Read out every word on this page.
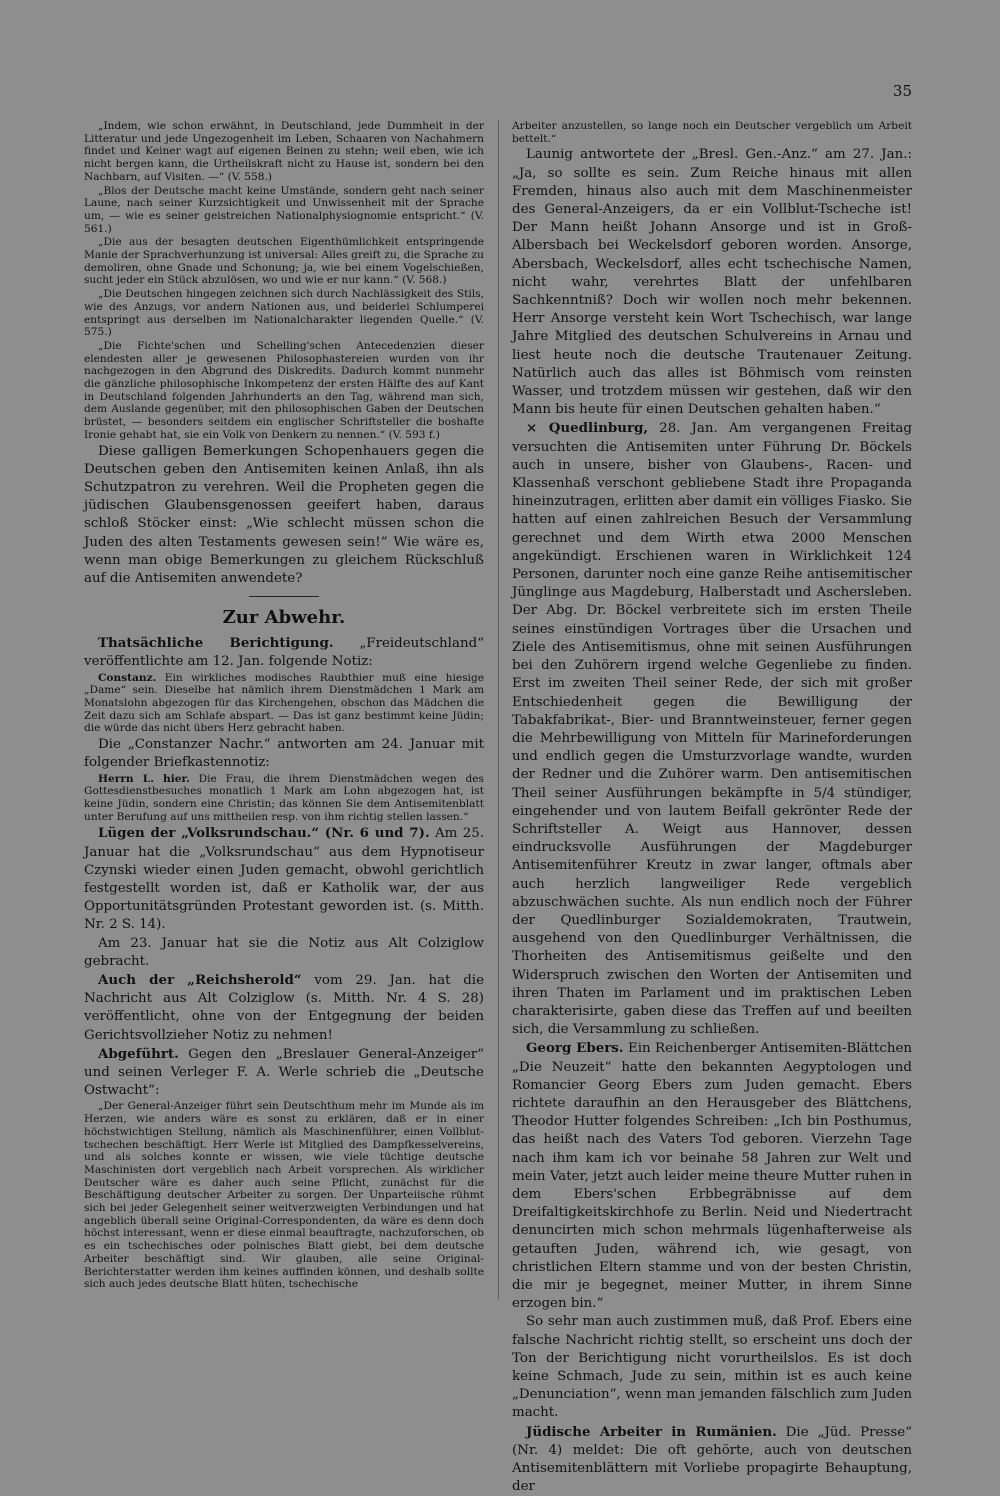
35

„Indem, wie schon erwähnt, in Deutschland, jede Dummheit in der Litteratur und jede Ungezogenheit im Leben, Schaaren von Nachahmern findet und Keiner wagt auf eigenen Beinen zu stehn; weil eben, wie ich nicht bergen kann, die Urtheilskraft nicht zu Hause ist, sondern bei den Nachbarn, auf Visiten. —“ (V. 558.)

„Blos der Deutsche macht keine Umstände, sondern geht nach seiner Laune, nach seiner Kurzsichtigkeit und Unwissenheit mit der Sprache um, — wie es seiner geistreichen Nationalphysiognomie entspricht.“ (V. 561.)

„Die aus der besagten deutschen Eigenthümlichkeit entspringende Manie der Sprachverhunzung ist universal: Alles greift zu, die Sprache zu demoliren, ohne Gnade und Schonung; ja, wie bei einem Vogelschießen, sucht jeder ein Stück abzulösen, wo und wie er nur kann.“ (V. 568.)

„Die Deutschen hingegen zeichnen sich durch Nachlässigkeit des Stils, wie des Anzugs, vor andern Nationen aus, und beiderlei Schlumperei entspringt aus derselben im Nationalcharakter liegenden Quelle.“ (V. 575.)

„Die Fichte'schen und Schelling'schen Antecedenzien dieser elendesten aller je gewesenen Philosophastereien wurden von ihr nachgezogen in den Abgrund des Diskredits. Dadurch kommt nunmehr die gänzliche philosophische Inkompetenz der ersten Hälfte des auf Kant in Deutschland folgenden Jahrhunderts an den Tag, während man sich, dem Auslande gegenüber, mit den philosophischen Gaben der Deutschen brüstet, — besonders seitdem ein englischer Schriftsteller die boshafte Ironie gehabt hat, sie ein Volk von Denkern zu nennen.“ (V. 593 f.)

Diese galligen Bemerkungen Schopenhauers gegen die Deutschen geben den Antisemiten keinen Anlaß, ihn als Schutzpatron zu verehren. Weil die Propheten gegen die jüdischen Glaubensgenossen geeifert haben, daraus schloß Stöcker einst: „Wie schlecht müssen schon die Juden des alten Testaments gewesen sein!“ Wie wäre es, wenn man obige Bemerkungen zu gleichem Rückschluß auf die Antisemiten anwendete?

Zur Abwehr.

Thatsächliche Berichtigung. „Freideutschland“ veröffentlichte am 12. Jan. folgende Notiz:

Constanz. Ein wirkliches modisches Raubthier muß eine hiesige „Dame“ sein. Dieselbe hat nämlich ihrem Dienstmädchen 1 Mark am Monatslohn abgezogen für das Kirchengehen, obschon das Mädchen die Zeit dazu sich am Schlafe abspart. — Das ist ganz bestimmt keine Jüdin; die würde das nicht übers Herz gebracht haben.

Die „Constanzer Nachr.“ antworten am 24. Januar mit folgender Briefkastennotiz:

Herrn L. hier. Die Frau, die ihrem Dienstmädchen wegen des Gottesdienstbesuches monatlich 1 Mark am Lohn abgezogen hat, ist keine Jüdin, sondern eine Christin; das können Sie dem Antisemitenblatt unter Berufung auf uns mittheilen resp. von ihm richtig stellen lassen.“

Lügen der „Volksrundschau.“ (Nr. 6 und 7). Am 25. Januar hat die „Volksrundschau“ aus dem Hypnotiseur Czynski wieder einen Juden gemacht, obwohl gerichtlich festgestellt worden ist, daß er Katholik war, der aus Opportunitätsgründen Protestant geworden ist. (s. Mitth. Nr. 2 S. 14).

Am 23. Januar hat sie die Notiz aus Alt Colziglow gebracht.

Auch der „Reichsherold“ vom 29. Jan. hat die Nachricht aus Alt Colziglow (s. Mitth. Nr. 4 S. 28) veröffentlicht, ohne von der Entgegnung der beiden Gerichtsvollzieher Notiz zu nehmen!

Abgeführt. Gegen den „Breslauer General-Anzeiger“ und seinen Verleger F. A. Werle schrieb die „Deutsche Ostwacht“:

„Der General-Anzeiger führt sein Deutschthum mehr im Munde als im Herzen, wie anders wäre es sonst zu erklären, daß er in einer höchstwichtigen Stellung, nämlich als Maschinenführer, einen Vollblut-tschechen beschäftigt. Herr Werle ist Mitglied des Dampfkesselvereins, und als solches konnte er wissen, wie viele tüchtige deutsche Maschinisten dort vergeblich nach Arbeit vorsprechen. Als wirklicher Deutscher wäre es daher auch seine Pflicht, zunächst für die Beschäftigung deutscher Arbeiter zu sorgen. Der Unparteiische rühmt sich bei jeder Gelegenheit seiner weitverzweigten Verbindungen und hat angeblich überall seine Original-Correspondenten, da wäre es denn doch höchst interessant, wenn er diese einmal beauftragte, nachzuforschen, ob es ein tschechisches oder polnisches Blatt giebt, bei dem deutsche Arbeiter beschäftigt sind. Wir glauben, alle seine Original-Berichterstatter werden ihm keines auffinden können, und deshalb sollte sich auch jedes deutsche Blatt hüten, tschechische

Arbeiter anzustellen, so lange noch ein Deutscher vergeblich um Arbeit bettelt.“

Launig antwortete der „Bresl. Gen.-Anz.“ am 27. Jan.: „Ja, so sollte es sein. Zum Reiche hinaus mit allen Fremden, hinaus also auch mit dem Maschinenmeister des General-Anzeigers, da er ein Vollblut-Tscheche ist! Der Mann heißt Johann Ansorge und ist in Groß-Albersbach bei Weckelsdorf geboren worden. Ansorge, Abersbach, Weckelsdorf, alles echt tschechische Namen, nicht wahr, verehrtes Blatt der unfehlbaren Sachkenntniß? Doch wir wollen noch mehr bekennen. Herr Ansorge versteht kein Wort Tschechisch, war lange Jahre Mitglied des deutschen Schulvereins in Arnau und liest heute noch die deutsche Trautenauer Zeitung. Natürlich auch das alles ist Böhmisch vom reinsten Wasser, und trotzdem müssen wir gestehen, daß wir den Mann bis heute für einen Deutschen gehalten haben.“

× Quedlinburg, 28. Jan. Am vergangenen Freitag versuchten die Antisemiten unter Führung Dr. Böckels auch in unsere, bisher von Glaubens-, Racen- und Klassenhaß verschont gebliebene Stadt ihre Propaganda hineinzutragen, erlitten aber damit ein völliges Fiasko. Sie hatten auf einen zahlreichen Besuch der Versammlung gerechnet und dem Wirth etwa 2000 Menschen angekündigt. Erschienen waren in Wirklichkeit 124 Personen, darunter noch eine ganze Reihe antisemitischer Jünglinge aus Magdeburg, Halberstadt und Aschersleben. Der Abg. Dr. Böckel verbreitete sich im ersten Theile seines einstündigen Vortrages über die Ursachen und Ziele des Antisemitismus, ohne mit seinen Ausführungen bei den Zuhörern irgend welche Gegenliebe zu finden. Erst im zweiten Theil seiner Rede, der sich mit großer Entschiedenheit gegen die Bewilligung der Tabakfabrikat-, Bier- und Branntweinsteuer, ferner gegen die Mehrbewilligung von Mitteln für Marineforderungen und endlich gegen die Umsturzvorlage wandte, wurden der Redner und die Zuhörer warm. Den antisemitischen Theil seiner Ausführungen bekämpfte in 5/4 stündiger, eingehender und von lautem Beifall gekrönter Rede der Schriftsteller A. Weigt aus Hannover, dessen eindrucksvolle Ausführungen der Magdeburger Antisemitenführer Kreutz in zwar langer, oftmals aber auch herzlich langweiliger Rede vergeblich abzuschwächen suchte. Als nun endlich noch der Führer der Quedlinburger Sozialdemokraten, Trautwein, ausgehend von den Quedlinburger Verhältnissen, die Thorheiten des Antisemitismus geißelte und den Widerspruch zwischen den Worten der Antisemiten und ihren Thaten im Parlament und im praktischen Leben charakterisirte, gaben diese das Treffen auf und beeilten sich, die Versammlung zu schließen.

Georg Ebers. Ein Reichenberger Antisemiten-Blättchen „Die Neuzeit“ hatte den bekannten Aegyptologen und Romancier Georg Ebers zum Juden gemacht. Ebers richtete daraufhin an den Herausgeber des Blättchens, Theodor Hutter folgendes Schreiben: „Ich bin Posthumus, das heißt nach des Vaters Tod geboren. Vierzehn Tage nach ihm kam ich vor beinahe 58 Jahren zur Welt und mein Vater, jetzt auch leider meine theure Mutter ruhen in dem Ebers'schen Erbbegräbnisse auf dem Dreifaltigkeitskirchhofe zu Berlin. Neid und Niedertracht denuncirten mich schon mehrmals lügenhafterweise als getauften Juden, während ich, wie gesagt, von christlichen Eltern stamme und von der besten Christin, die mir je begegnet, meiner Mutter, in ihrem Sinne erzogen bin.“

So sehr man auch zustimmen muß, daß Prof. Ebers eine falsche Nachricht richtig stellt, so erscheint uns doch der Ton der Berichtigung nicht vorurtheilslos. Es ist doch keine Schmach, Jude zu sein, mithin ist es auch keine „Denunciation“, wenn man jemanden fälschlich zum Juden macht.

Jüdische Arbeiter in Rumänien. Die „Jüd. Presse“ (Nr. 4) meldet: Die oft gehörte, auch von deutschen Antisemitenblättern mit Vorliebe propagirte Behauptung, der
